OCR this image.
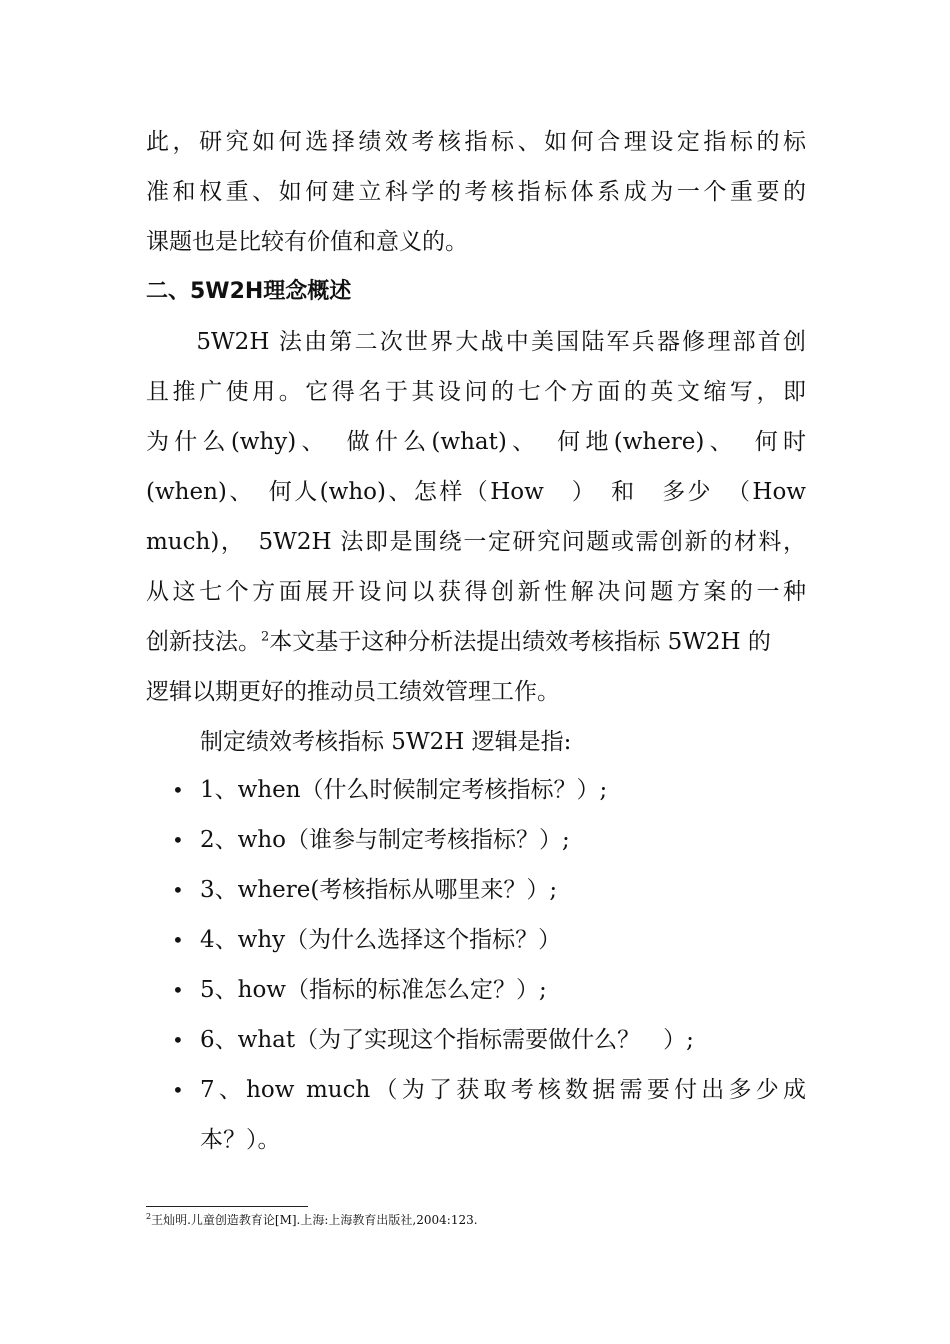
此，研究如何选择绩效考核指标、如何合理设定指标的标
准和权重、如何建立科学的考核指标体系成为一个重要的
课题也是比较有价值和意义的。
二、5W2H理念概述
　　5W2H 法由第二次世界大战中美国陆军兵器修理部首创
且推广使用。它得名于其设问的七个方面的英文缩写，即
为什么(why)、　做什么(what)、　何地(where)、　何时
(when)、　何人(who)、怎样（How　）　和　多少　（How
much)，　5W2H 法即是围绕一定研究问题或需创新的材料，
从这七个方面展开设问以获得创新性解决问题方案的一种
创新技法。$^2$本文基于这种分析法提出绩效考核指标 5W2H 的
逻辑以期更好的推动员工绩效管理工作。
制定绩效考核指标 5W2H 逻辑是指:
• 1、when（什么时候制定考核指标？）;
• 2、who（谁参与制定考核指标？）;
• 3、where(考核指标从哪里来？）;
• 4、why（为什么选择这个指标？）
• 5、how（指标的标准怎么定？）;
• 6、what（为了实现这个指标需要做什么？　）;
• 7、how much（为了获取考核数据需要付出多少成
本？）。
$^2$王灿明.儿童创造教育论[M].上海:上海教育出版社,2004:123.
